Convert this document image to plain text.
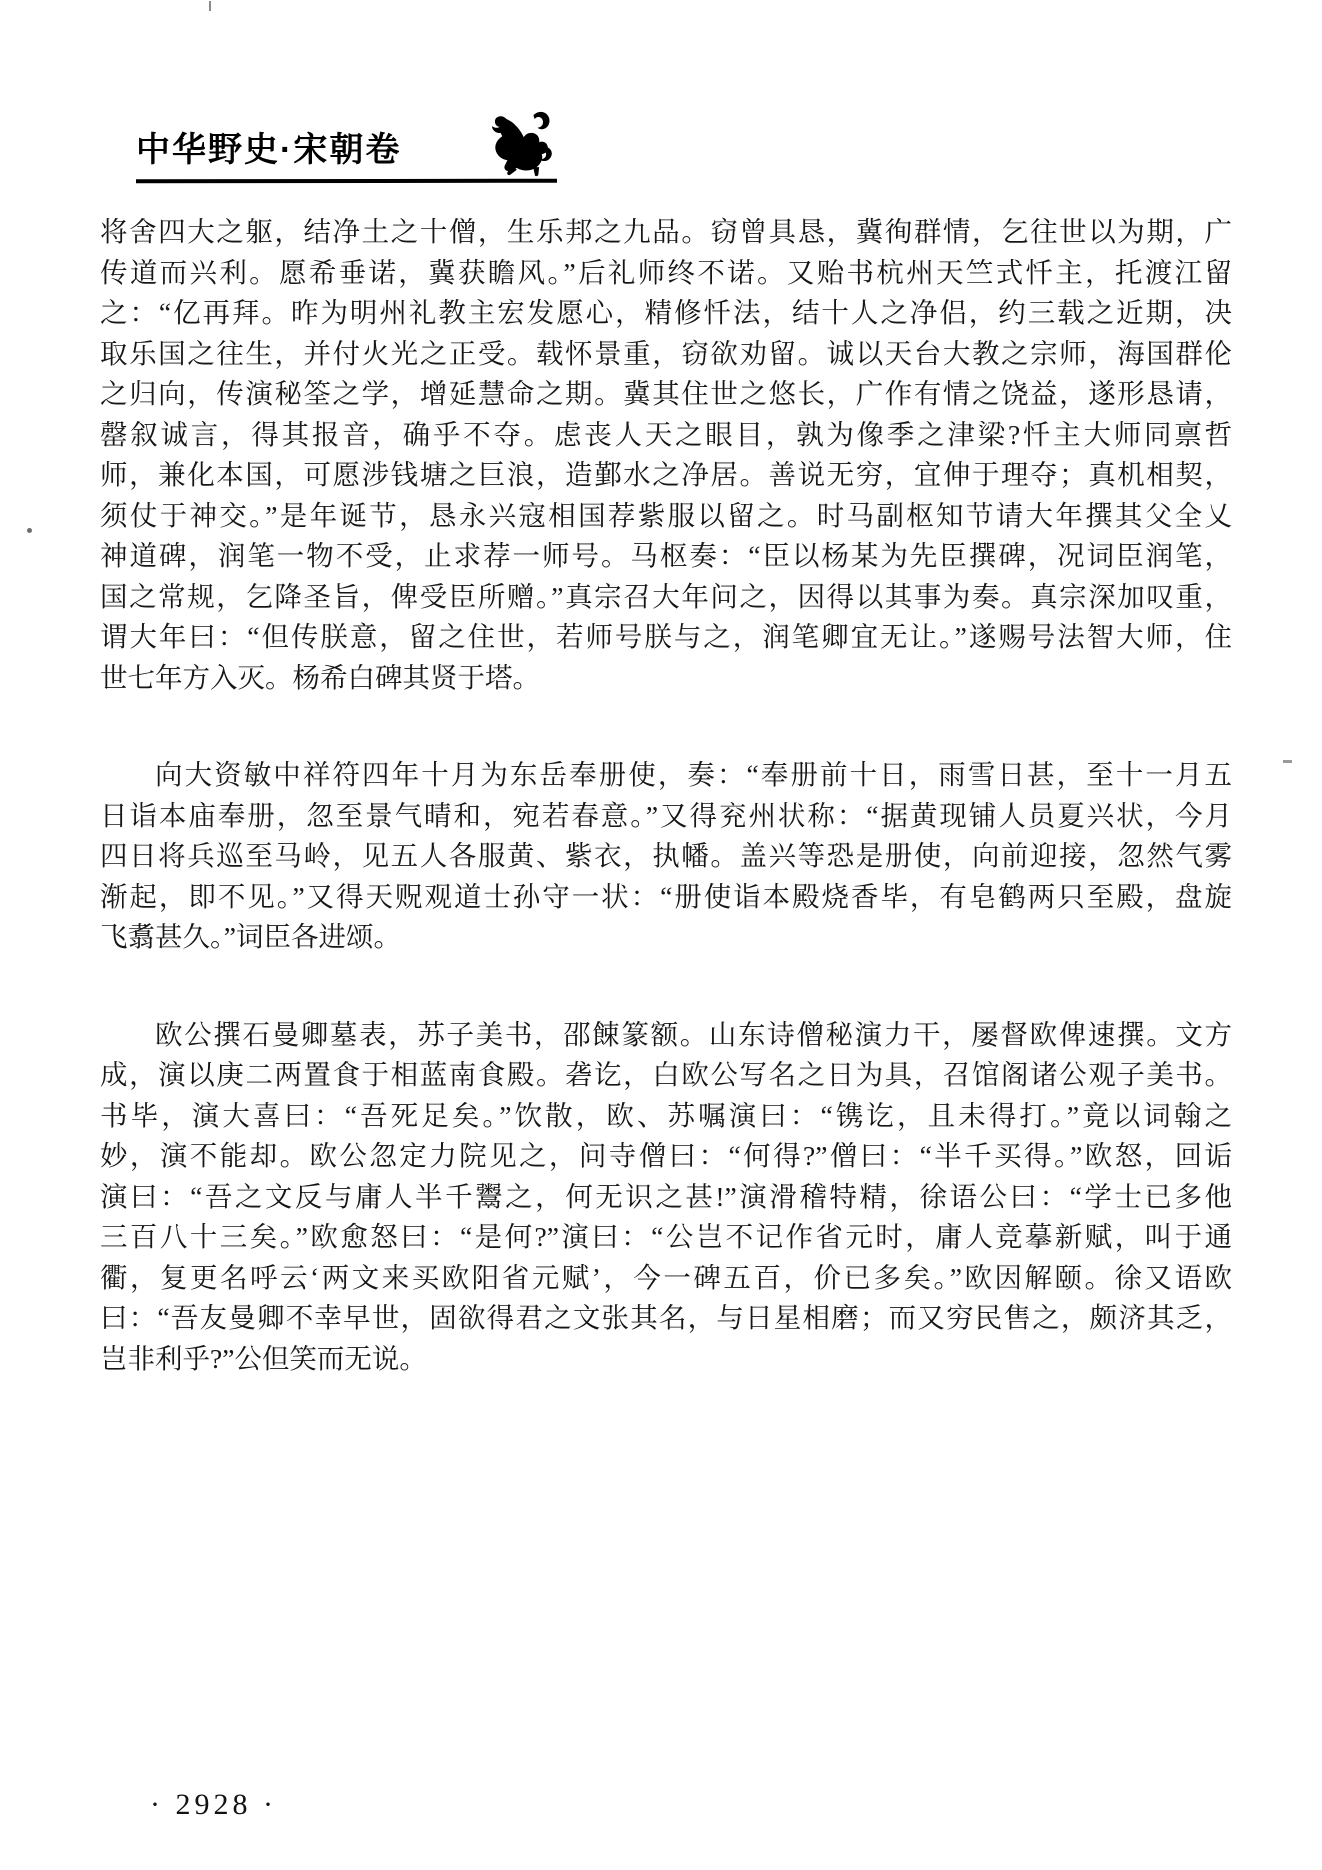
中华野史·宋朝卷
将舍四大之躯，结净土之十僧，生乐邦之九品。窃曾具恳，冀徇群情，乞往世以为期，广
传道而兴利。愿希垂诺，冀获瞻风。”后礼师终不诺。又贻书杭州天竺式忏主，托渡江留
之：“亿再拜。昨为明州礼教主宏发愿心，精修忏法，结十人之净侣，约三载之近期，决
取乐国之往生，并付火光之正受。载怀景重，窃欲劝留。诚以天台大教之宗师，海国群伦
之归向，传演秘筌之学，增延慧命之期。冀其住世之悠长，广作有情之饶益，遂形恳请，
罄叙诚言，得其报音，确乎不夺。虑丧人天之眼目，孰为像季之津梁?忏主大师同禀哲
师，兼化本国，可愿涉钱塘之巨浪，造鄞水之净居。善说无穷，宜伸于理夺；真机相契，
须仗于神交。”是年诞节，恳永兴寇相国荐紫服以留之。时马副枢知节请大年撰其父全乂
神道碑，润笔一物不受，止求荐一师号。马枢奏：“臣以杨某为先臣撰碑，况词臣润笔，
国之常规，乞降圣旨，俾受臣所赠。”真宗召大年问之，因得以其事为奏。真宗深加叹重，
谓大年曰：“但传朕意，留之住世，若师号朕与之，润笔卿宜无让。”遂赐号法智大师，住
世七年方入灭。杨希白碑其贤于塔。
向大资敏中祥符四年十月为东岳奉册使，奏：“奉册前十日，雨雪日甚，至十一月五
日诣本庙奉册，忽至景气晴和，宛若春意。”又得兖州状称：“据黄现铺人员夏兴状，今月
四日将兵巡至马岭，见五人各服黄、紫衣，执幡。盖兴等恐是册使，向前迎接，忽然气雾
渐起，即不见。”又得天贶观道士孙守一状：“册使诣本殿烧香毕，有皂鹤两只至殿，盘旋
飞翥甚久。”词臣各进颂。
欧公撰石曼卿墓表，苏子美书，邵餗篆额。山东诗僧秘演力干，屡督欧俾速撰。文方
成，演以庚二两置食于相蓝南食殿。砻讫，白欧公写名之日为具，召馆阁诸公观子美书。
书毕，演大喜曰：“吾死足矣。”饮散，欧、苏嘱演曰：“镌讫，且未得打。”竟以词翰之
妙，演不能却。欧公忽定力院见之，问寺僧曰：“何得?”僧曰：“半千买得。”欧怒，回诟
演曰：“吾之文反与庸人半千鬻之，何无识之甚!”演滑稽特精，徐语公曰：“学士已多他
三百八十三矣。”欧愈怒曰：“是何?”演曰：“公岂不记作省元时，庸人竞摹新赋，叫于通
衢，复更名呼云‘两文来买欧阳省元赋’，今一碑五百，价已多矣。”欧因解颐。徐又语欧
曰：“吾友曼卿不幸早世，固欲得君之文张其名，与日星相磨；而又穷民售之，颇济其乏，
岂非利乎?”公但笑而无说。
· 2928 ·
